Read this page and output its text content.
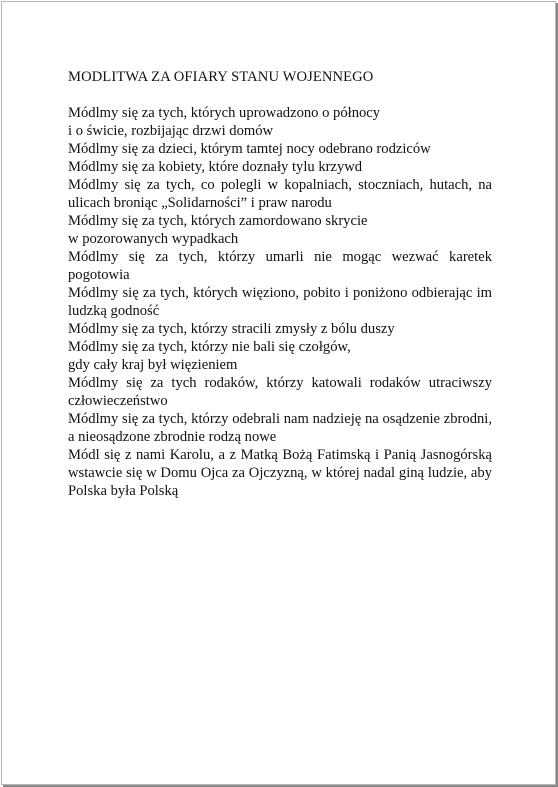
MODLITWA ZA OFIARY STANU WOJENNEGO
Módlmy się za tych, których uprowadzono o północy
i o świcie, rozbijając drzwi domów
Módlmy się za dzieci, którym tamtej nocy odebrano rodziców
Módlmy się za kobiety, które doznały tylu krzywd
Módlmy się za tych, co polegli w kopalniach, stoczniach, hutach, na ulicach broniąc „Solidarności” i praw narodu
Módlmy się za tych, których zamordowano skrycie
w pozorowanych wypadkach
Módlmy się za tych, którzy umarli nie mogąc wezwać karetek pogotowia
Módlmy się za tych, których więziono, pobito i poniżono odbierając im ludzką godność
Módlmy się za tych, którzy stracili zmysły z bólu duszy
Módlmy się za tych, którzy nie bali się czołgów,
gdy cały kraj był więzieniem
Módlmy się za tych rodaków, którzy katowali rodaków utraciwszy człowieczeństwo
Módlmy się za tych, którzy odebrali nam nadzieję na osądzenie zbrodni, a nieosądzone zbrodnie rodzą nowe
Módl się z nami Karolu, a z Matką Bożą Fatimską i Panią Jasnogórską wstawcie się w Domu Ojca za Ojczyzną, w której nadal giną ludzie, aby Polska była Polską
